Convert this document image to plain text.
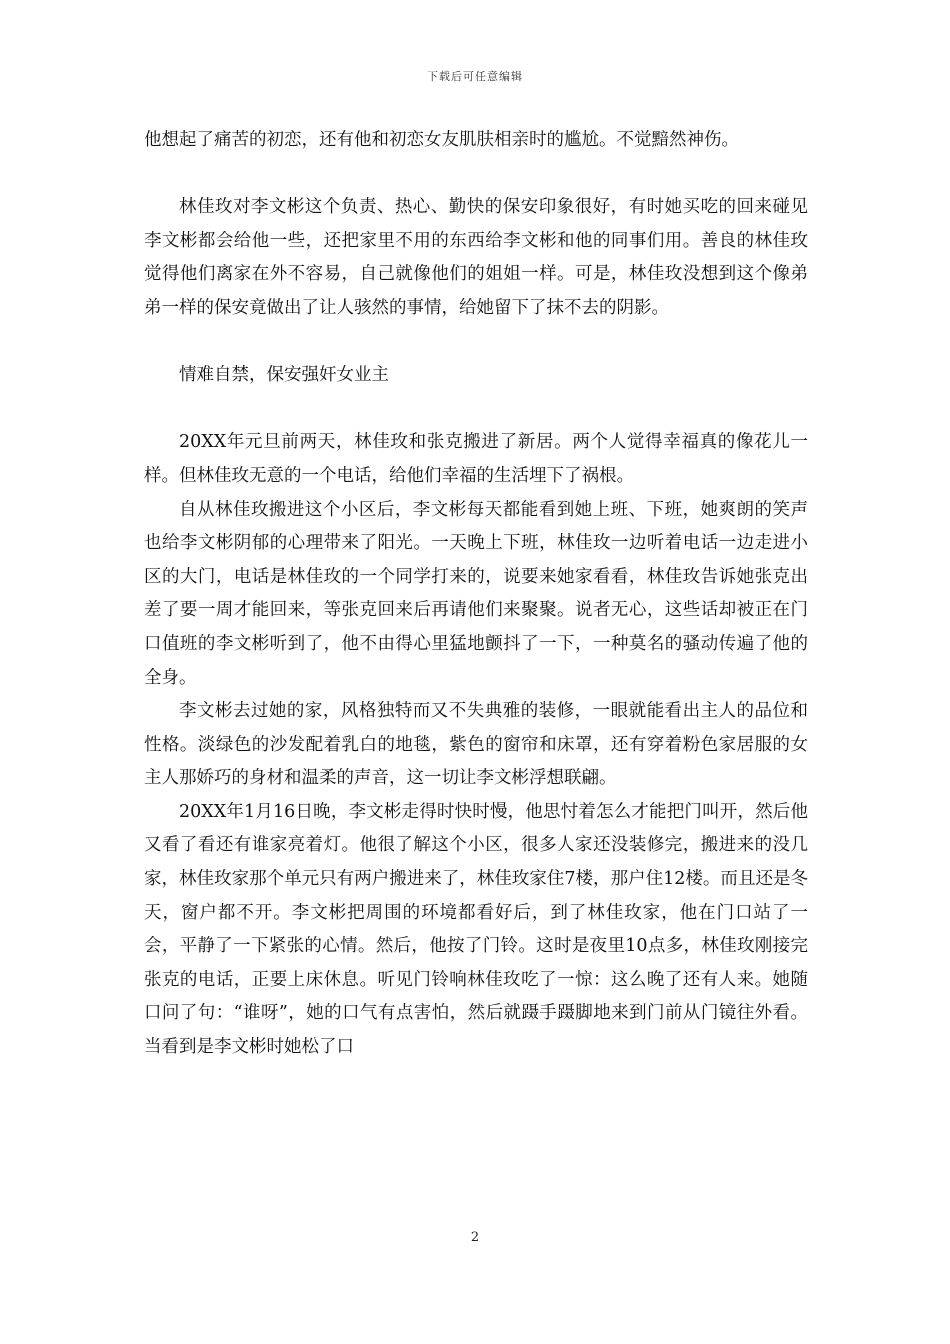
下载后可任意编辑

他想起了痛苦的初恋，还有他和初恋女友肌肤相亲时的尴尬。不觉黯然神伤。

林佳玫对李文彬这个负责、热心、勤快的保安印象很好，有时她买吃的回来碰见李文彬都会给他一些，还把家里不用的东西给李文彬和他的同事们用。善良的林佳玫觉得他们离家在外不容易，自己就像他们的姐姐一样。可是，林佳玫没想到这个像弟弟一样的保安竟做出了让人骇然的事情，给她留下了抹不去的阴影。

情难自禁，保安强奸女业主

20XX年元旦前两天，林佳玫和张克搬进了新居。两个人觉得幸福真的像花儿一样。但林佳玫无意的一个电话，给他们幸福的生活埋下了祸根。

自从林佳玫搬进这个小区后，李文彬每天都能看到她上班、下班，她爽朗的笑声也给李文彬阴郁的心理带来了阳光。一天晚上下班，林佳玫一边听着电话一边走进小区的大门，电话是林佳玫的一个同学打来的，说要来她家看看，林佳玫告诉她张克出差了要一周才能回来，等张克回来后再请他们来聚聚。说者无心，这些话却被正在门口值班的李文彬听到了，他不由得心里猛地颤抖了一下，一种莫名的骚动传遍了他的全身。

李文彬去过她的家，风格独特而又不失典雅的装修，一眼就能看出主人的品位和性格。淡绿色的沙发配着乳白的地毯，紫色的窗帘和床罩，还有穿着粉色家居服的女主人那娇巧的身材和温柔的声音，这一切让李文彬浮想联翩。

20XX年1月16日晚，李文彬走得时快时慢，他思忖着怎么才能把门叫开，然后他又看了看还有谁家亮着灯。他很了解这个小区，很多人家还没装修完，搬进来的没几家，林佳玫家那个单元只有两户搬进来了，林佳玫家住7楼，那户住12楼。而且还是冬天，窗户都不开。李文彬把周围的环境都看好后，到了林佳玫家，他在门口站了一会，平静了一下紧张的心情。然后，他按了门铃。这时是夜里10点多，林佳玫刚接完张克的电话，正要上床休息。听见门铃响林佳玫吃了一惊：这么晚了还有人来。她随口问了句：“谁呀”，她的口气有点害怕，然后就蹑手蹑脚地来到门前从门镜往外看。当看到是李文彬时她松了口

2
